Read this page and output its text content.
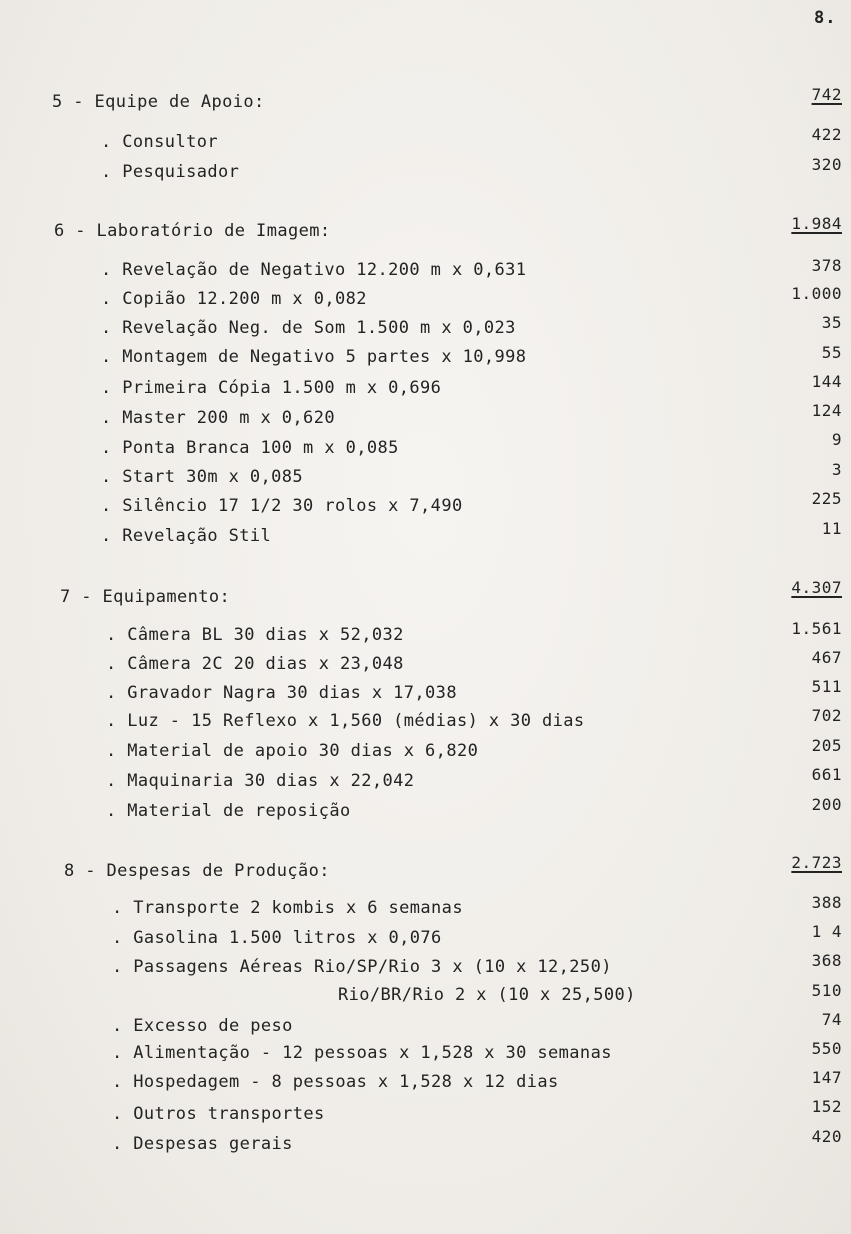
8.
5 - Equipe de Apoio:	742
. Consultor	422
. Pesquisador	320
6 - Laboratório de Imagem:	1.984
. Revelação de Negativo 12.200 m x 0,631	378
. Copião 12.200 m x 0,082	1.000
. Revelação Neg. de Som 1.500 m x 0,023	35
. Montagem de Negativo 5 partes x 10,998	55
. Primeira Cópia 1.500 m x 0,696	144
. Master 200 m x 0,620	124
. Ponta Branca 100 m x 0,085	9
. Start 30m x 0,085	3
. Silêncio 17 1/2 30 rolos x 7,490	225
. Revelação Stil	11
7 - Equipamento:	4.307
. Câmera BL 30 dias x 52,032	1.561
. Câmera 2C 20 dias x 23,048	467
. Gravador Nagra 30 dias x 17,038	511
. Luz - 15 Reflexo x 1,560 (médias) x 30 dias	702
. Material de apoio 30 dias x 6,820	205
. Maquinaria 30 dias x 22,042	661
. Material de reposição	200
8 - Despesas de Produção:	2.723
. Transporte 2 kombis x 6 semanas	388
. Gasolina 1.500 litros x 0,076	1 4
. Passagens Aéreas Rio/SP/Rio 3 x (10 x 12,250)	368
Rio/BR/Rio 2 x (10 x 25,500)	510
. Excesso de peso	74
. Alimentação - 12 pessoas x 1,528 x 30 semanas	550
. Hospedagem - 8 pessoas x 1,528 x 12 dias	147
. Outros transportes	152
. Despesas gerais	420
